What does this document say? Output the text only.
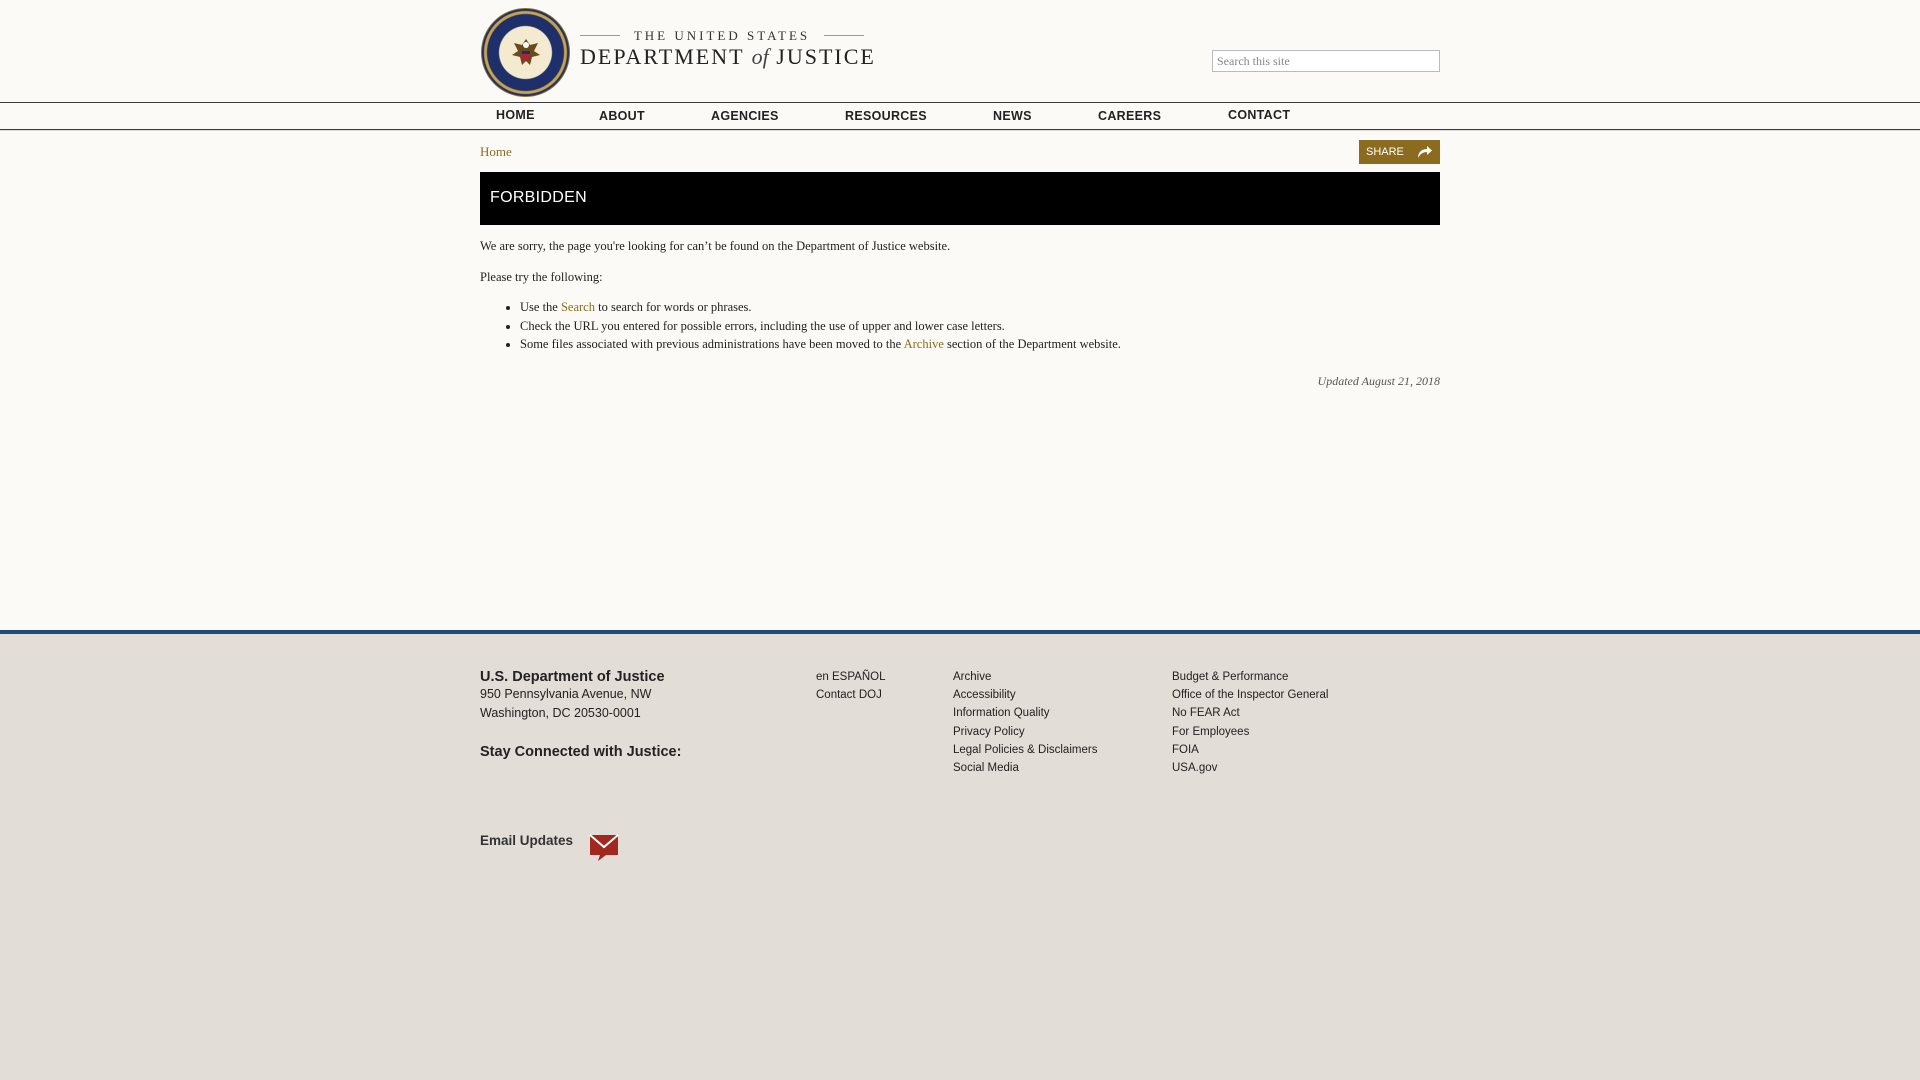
THE UNITED STATES
DEPARTMENT of JUSTICE
Search this site
HOME	ABOUT	AGENCIES	RESOURCES	NEWS	CAREERS	CONTACT
Home	SHARE
FORBIDDEN

We are sorry, the page you're looking for can’t be found on the Department of Justice website.

Please try the following:

• Use the Search to search for words or phrases.
• Check the URL you entered for possible errors, including the use of upper and lower case letters.
• Some files associated with previous administrations have been moved to the Archive section of the Department website.
Updated August 21, 2018
U.S. Department of Justice
950 Pennsylvania Avenue, NW
Washington, DC 20530-0001
Stay Connected with Justice:
Email Updates
en ESPAÑOL
Contact DOJ
Archive
Accessibility
Information Quality
Privacy Policy
Legal Policies & Disclaimers
Social Media
Budget & Performance
Office of the Inspector General
No FEAR Act
For Employees
FOIA
USA.gov
